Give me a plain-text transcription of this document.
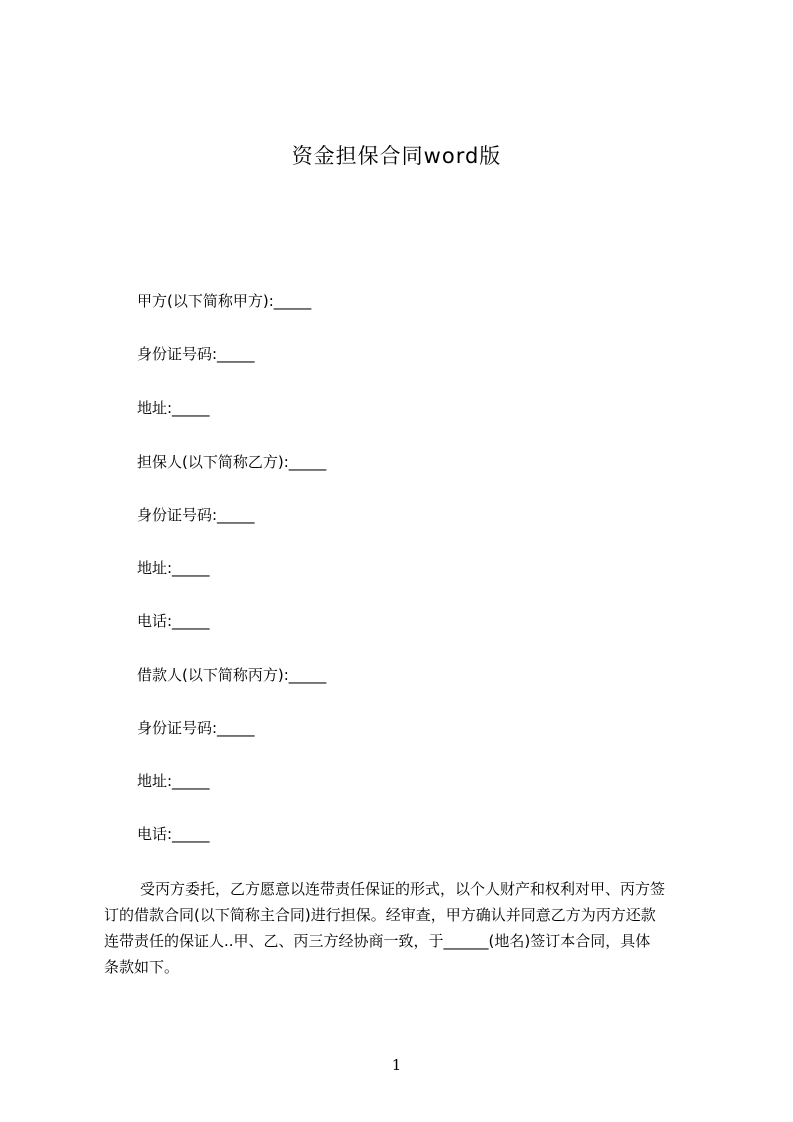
资金担保合同word版
甲方(以下简称甲方):_____
身份证号码:_____
地址:_____
担保人(以下简称乙方):_____
身份证号码:_____
地址:_____
电话:_____
借款人(以下简称丙方):_____
身份证号码:_____
地址:_____
电话:_____
受丙方委托，乙方愿意以连带责任保证的形式，以个人财产和权利对甲、丙方签
订的借款合同(以下简称主合同)进行担保。经审查，甲方确认并同意乙方为丙方还款
连带责任的保证人..甲、乙、丙三方经协商一致，于______(地名)签订本合同，具体
条款如下。
1
